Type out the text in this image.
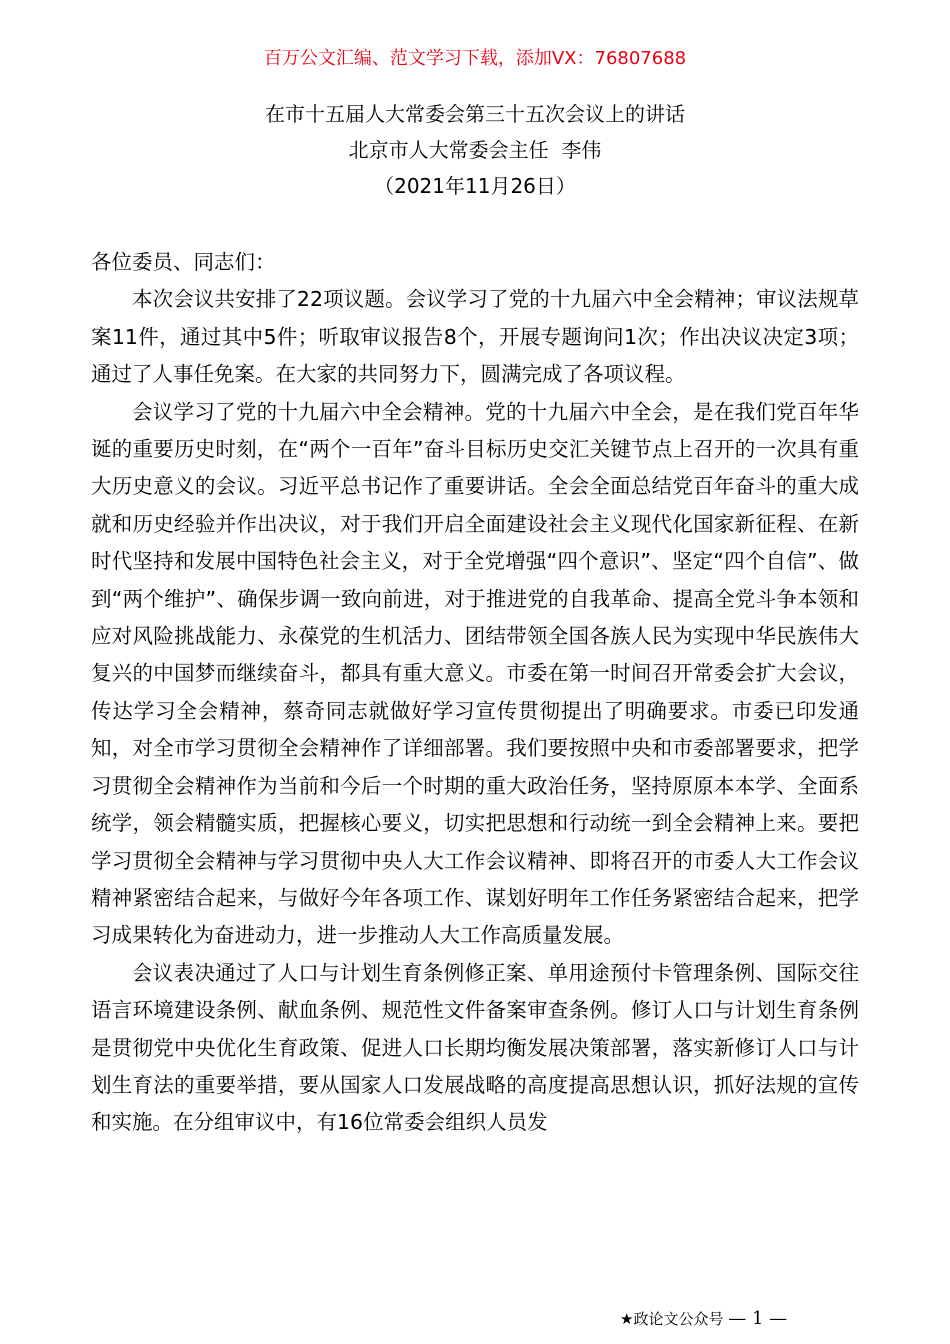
百万公文汇编、范文学习下载，添加VX：76807688
在市十五届人大常委会第三十五次会议上的讲话
北京市人大常委会主任  李伟
（2021年11月26日）

各位委员、同志们：

本次会议共安排了22项议题。会议学习了党的十九届六中全会精神；审议法规草案11件，通过其中5件；听取审议报告8个，开展专题询问1次；作出决议决定3项；通过了人事任免案。在大家的共同努力下，圆满完成了各项议程。

会议学习了党的十九届六中全会精神。党的十九届六中全会，是在我们党百年华诞的重要历史时刻，在“两个一百年”奋斗目标历史交汇关键节点上召开的一次具有重大历史意义的会议。习近平总书记作了重要讲话。全会全面总结党百年奋斗的重大成就和历史经验并作出决议，对于我们开启全面建设社会主义现代化国家新征程、在新时代坚持和发展中国特色社会主义，对于全党增强“四个意识”、坚定“四个自信”、做到“两个维护”、确保步调一致向前进，对于推进党的自我革命、提高全党斗争本领和应对风险挑战能力、永葆党的生机活力、团结带领全国各族人民为实现中华民族伟大复兴的中国梦而继续奋斗，都具有重大意义。市委在第一时间召开常委会扩大会议，传达学习全会精神，蔡奇同志就做好学习宣传贯彻提出了明确要求。市委已印发通知，对全市学习贯彻全会精神作了详细部署。我们要按照中央和市委部署要求，把学习贯彻全会精神作为当前和今后一个时期的重大政治任务，坚持原原本本学、全面系统学，领会精髓实质，把握核心要义，切实把思想和行动统一到全会精神上来。要把学习贯彻全会精神与学习贯彻中央人大工作会议精神、即将召开的市委人大工作会议精神紧密结合起来，与做好今年各项工作、谋划好明年工作任务紧密结合起来，把学习成果转化为奋进动力，进一步推动人大工作高质量发展。

会议表决通过了人口与计划生育条例修正案、单用途预付卡管理条例、国际交往语言环境建设条例、献血条例、规范性文件备案审查条例。修订人口与计划生育条例是贯彻党中央优化生育政策、促进人口长期均衡发展决策部署，落实新修订人口与计划生育法的重要举措，要从国家人口发展战略的高度提高思想认识，抓好法规的宣传和实施。在分组审议中，有16位常委会组织人员发

★政论文公众号 — 1 —
